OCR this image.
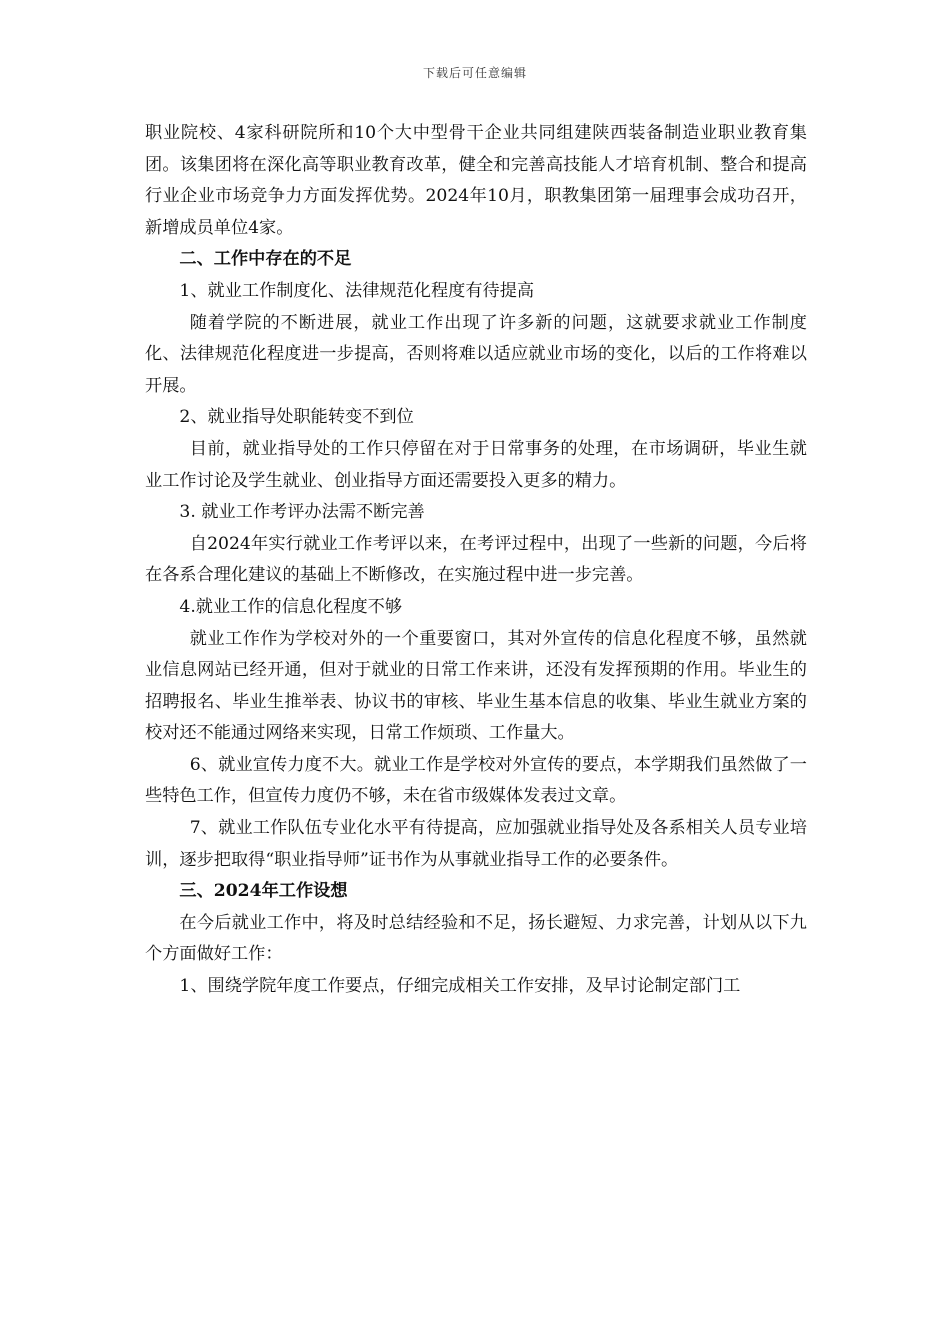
下载后可任意编辑

职业院校、4家科研院所和10个大中型骨干企业共同组建陕西装备制造业职业教育集团。该集团将在深化高等职业教育改革，健全和完善高技能人才培育机制、整合和提高行业企业市场竞争力方面发挥优势。2024年10月，职教集团第一届理事会成功召开，新增成员单位4家。

二、工作中存在的不足

1、就业工作制度化、法律规范化程度有待提高

随着学院的不断进展，就业工作出现了许多新的问题，这就要求就业工作制度化、法律规范化程度进一步提高，否则将难以适应就业市场的变化，以后的工作将难以开展。

2、就业指导处职能转变不到位

目前，就业指导处的工作只停留在对于日常事务的处理，在市场调研，毕业生就业工作讨论及学生就业、创业指导方面还需要投入更多的精力。

3. 就业工作考评办法需不断完善

自2024年实行就业工作考评以来，在考评过程中，出现了一些新的问题，今后将在各系合理化建议的基础上不断修改，在实施过程中进一步完善。

4.就业工作的信息化程度不够

就业工作作为学校对外的一个重要窗口，其对外宣传的信息化程度不够，虽然就业信息网站已经开通，但对于就业的日常工作来讲，还没有发挥预期的作用。毕业生的招聘报名、毕业生推举表、协议书的审核、毕业生基本信息的收集、毕业生就业方案的校对还不能通过网络来实现，日常工作烦琐、工作量大。

6、就业宣传力度不大。就业工作是学校对外宣传的要点，本学期我们虽然做了一些特色工作，但宣传力度仍不够，未在省市级媒体发表过文章。

7、就业工作队伍专业化水平有待提高，应加强就业指导处及各系相关人员专业培训，逐步把取得“职业指导师”证书作为从事就业指导工作的必要条件。

三、2024年工作设想

在今后就业工作中，将及时总结经验和不足，扬长避短、力求完善，计划从以下九个方面做好工作：

1、围绕学院年度工作要点，仔细完成相关工作安排，及早讨论制定部门工
